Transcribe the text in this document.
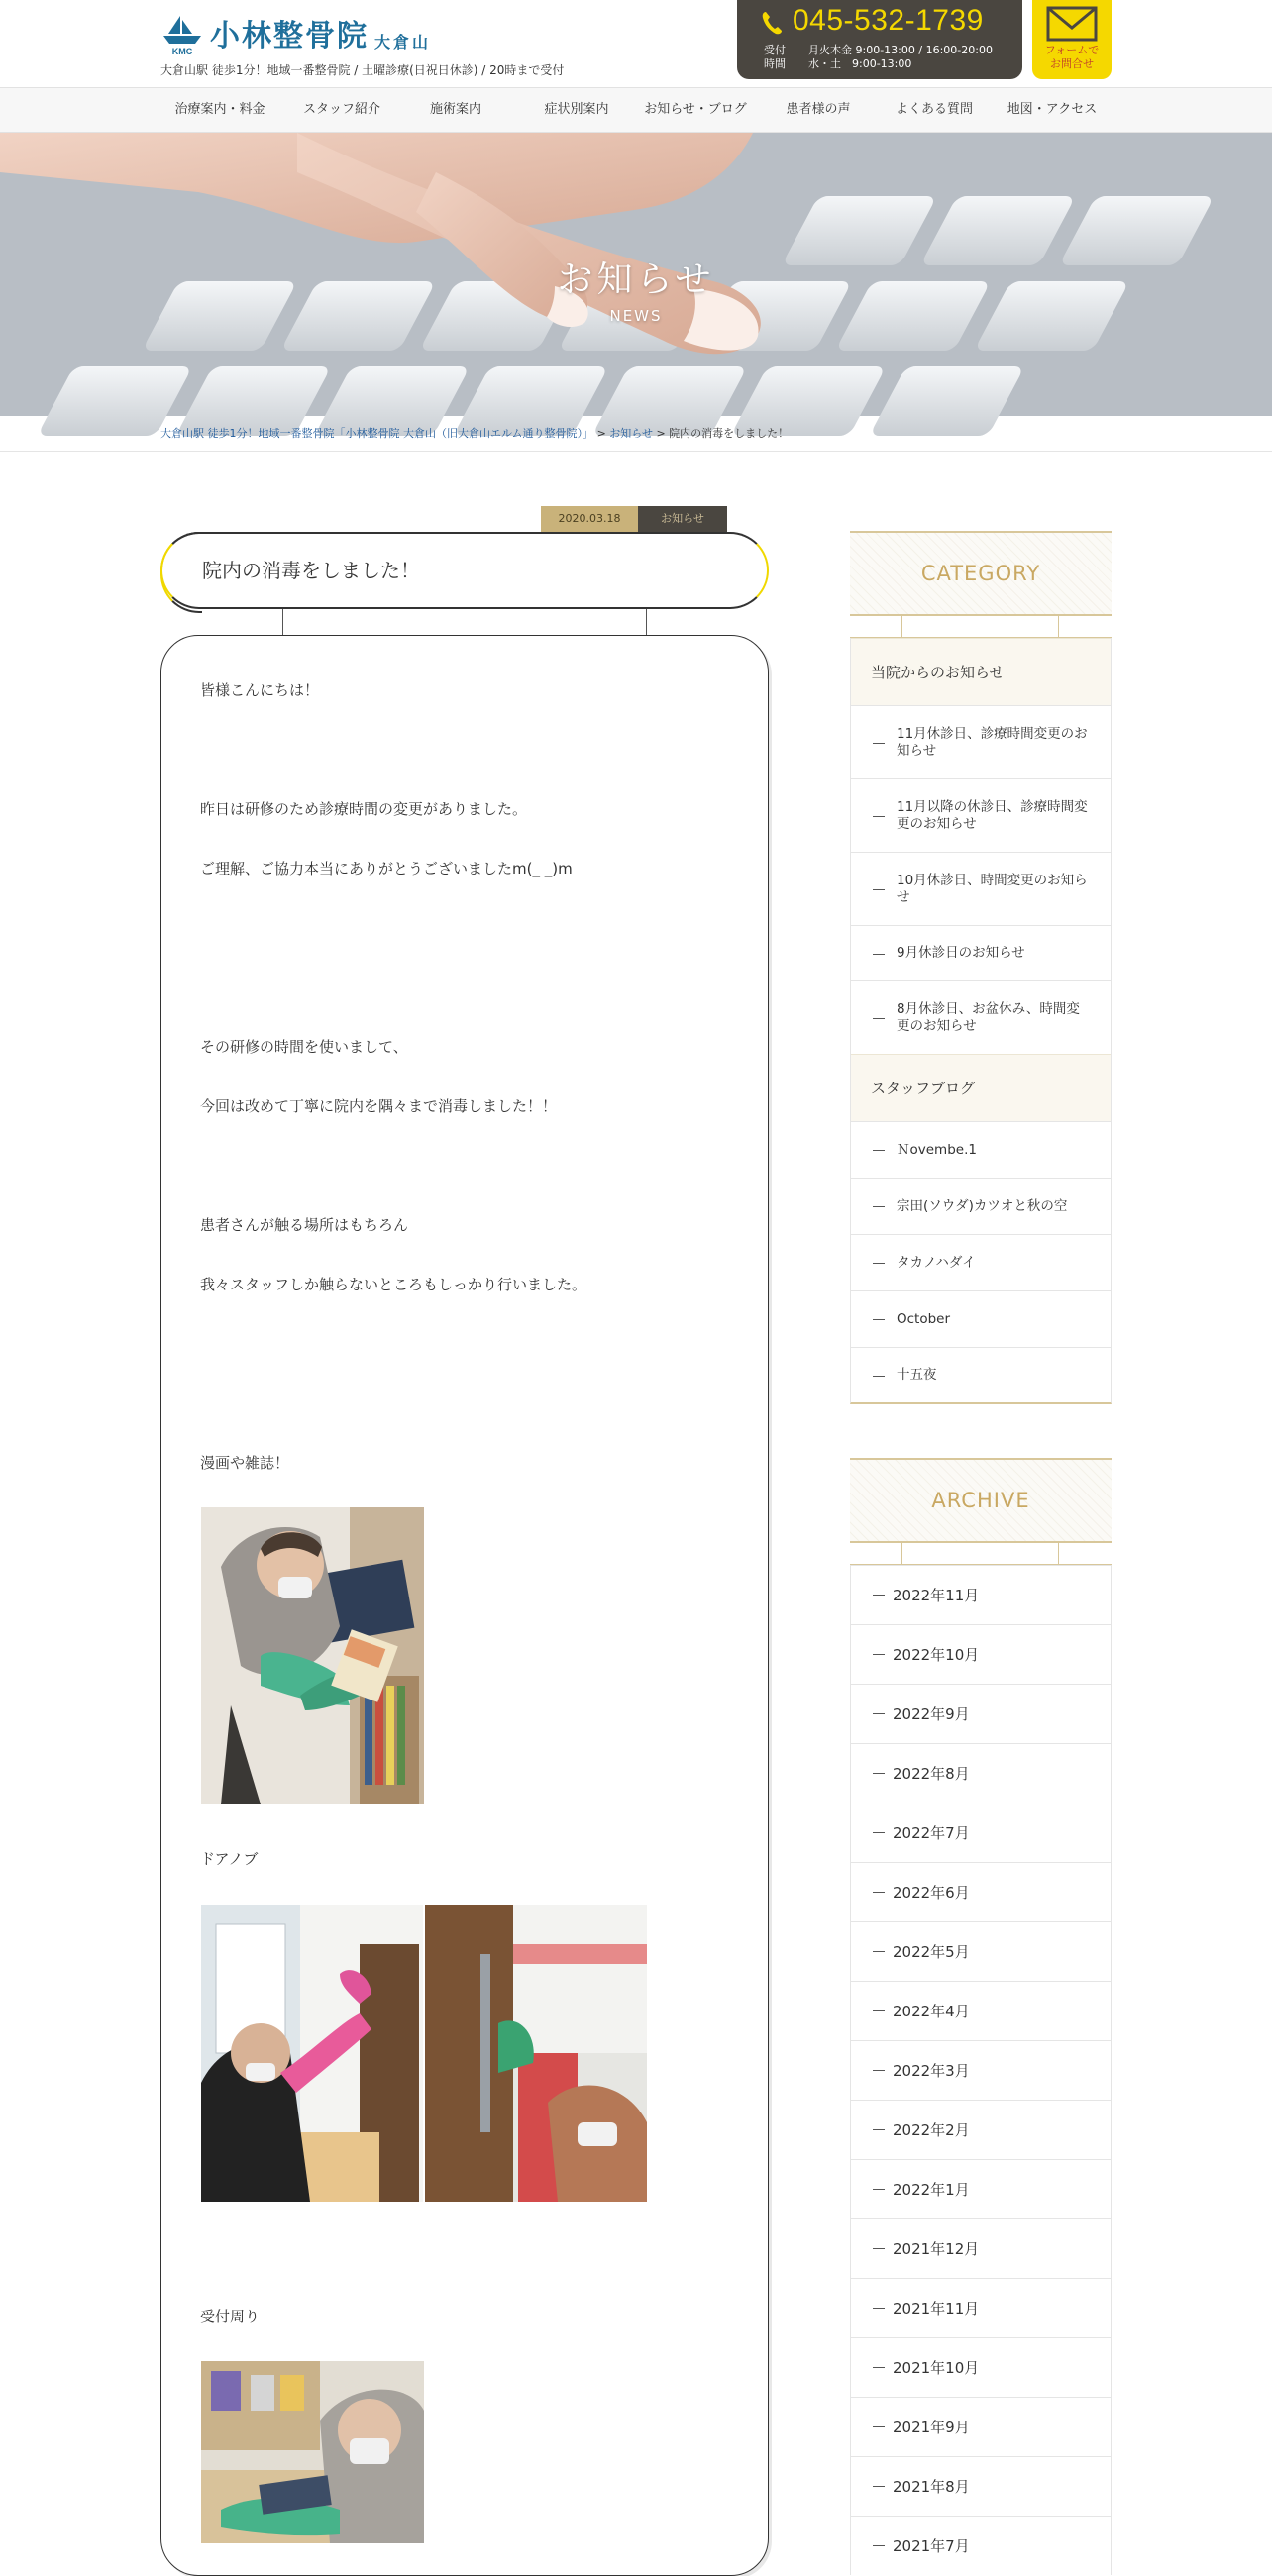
KMC 小林整骨院 大倉山
大倉山駅 徒歩1分！地域一番整骨院 / 土曜診療(日祝日休診) / 20時まで受付
045-532-1739
受付
時間
月火木金 9:00-13:00 / 16:00-20:00
水・土　9:00-13:00
フォームで
お問合せ
治療案内・料金	スタッフ紹介	施術案内	症状別案内	お知らせ・ブログ	患者様の声	よくある質問	地図・アクセス
お知らせ
NEWS
大倉山駅 徒歩1分！地域一番整骨院「小林整骨院 大倉山（旧大倉山エルム通り整骨院）」 > お知らせ > 院内の消毒をしました！
2020.03.18	お知らせ
院内の消毒をしました！
皆様こんにちは！
昨日は研修のため診療時間の変更がありました。
ご理解、ご協力本当にありがとうございましたm(_ _)m
その研修の時間を使いまして、
今回は改めて丁寧に院内を隅々まで消毒しました！！
患者さんが触る場所はもちろん
我々スタッフしか触らないところもしっかり行いました。
漫画や雑誌！
ドアノブ
受付周り
CATEGORY
当院からのお知らせ
11月休診日、診療時間変更のお知らせ
11月以降の休診日、診療時間変更のお知らせ
10月休診日、時間変更のお知らせ
9月休診日のお知らせ
8月休診日、お盆休み、時間変更のお知らせ
スタッフブログ
Ｎovembe.1
宗田(ソウダ)カツオと秋の空
タカノハダイ
October
十五夜
ARCHIVE
2022年11月
2022年10月
2022年9月
2022年8月
2022年7月
2022年6月
2022年5月
2022年4月
2022年3月
2022年2月
2022年1月
2021年12月
2021年11月
2021年10月
2021年9月
2021年8月
2021年7月
